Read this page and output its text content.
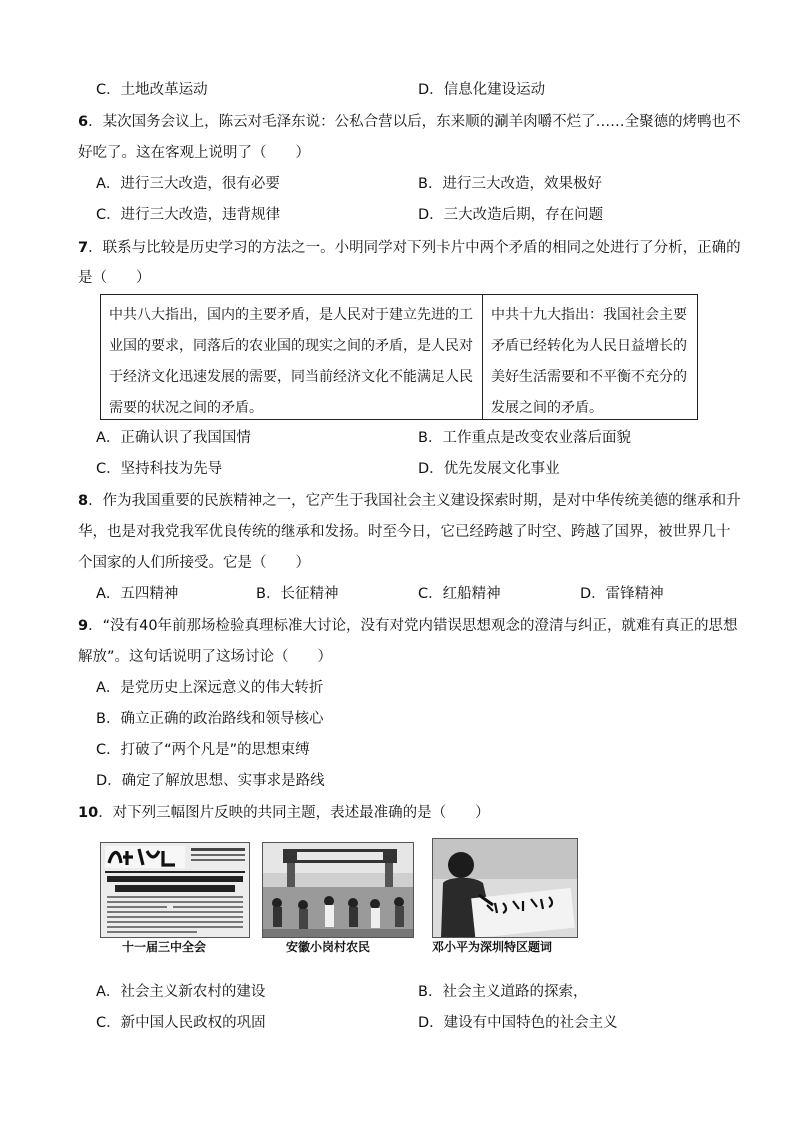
C．土地改革运动	D．信息化建设运动
6．某次国务会议上，陈云对毛泽东说：公私合营以后，东来顺的涮羊肉嚼不烂了……全聚德的烤鸭也不
好吃了。这在客观上说明了（　　）
A．进行三大改造，很有必要	B．进行三大改造，效果极好
C．进行三大改造，违背规律	D．三大改造后期，存在问题
7．联系与比较是历史学习的方法之一。小明同学对下列卡片中两个矛盾的相同之处进行了分析，正确的
是（　　）
中共八大指出，国内的主要矛盾，是人民对于建立先进的工业国的要求，同落后的农业国的现实之间的矛盾，是人民对于经济文化迅速发展的需要，同当前经济文化不能满足人民需要的状况之间的矛盾。
中共十九大指出：我国社会主要矛盾已经转化为人民日益增长的美好生活需要和不平衡不充分的发展之间的矛盾。
A．正确认识了我国国情	B．工作重点是改变农业落后面貌
C．坚持科技为先导	D．优先发展文化事业
8．作为我国重要的民族精神之一，它产生于我国社会主义建设探索时期，是对中华传统美德的继承和升
华，也是对我党我军优良传统的继承和发扬。时至今日，它已经跨越了时空、跨越了国界，被世界几十
个国家的人们所接受。它是（　　）
A．五四精神	B．长征精神	C．红船精神	D．雷锋精神
9．“没有40年前那场检验真理标准大讨论，没有对党内错误思想观念的澄清与纠正，就难有真正的思想
解放”。这句话说明了这场讨论（　　）
A．是党历史上深远意义的伟大转折
B．确立正确的政治路线和领导核心
C．打破了“两个凡是”的思想束缚
D．确定了解放思想、实事求是路线
10．对下列三幅图片反映的共同主题，表述最准确的是（　　）
十一届三中全会	安徽小岗村农民	邓小平为深圳特区题词
A．社会主义新农村的建设	B．社会主义道路的探索，
C．新中国人民政权的巩固	D．建设有中国特色的社会主义
